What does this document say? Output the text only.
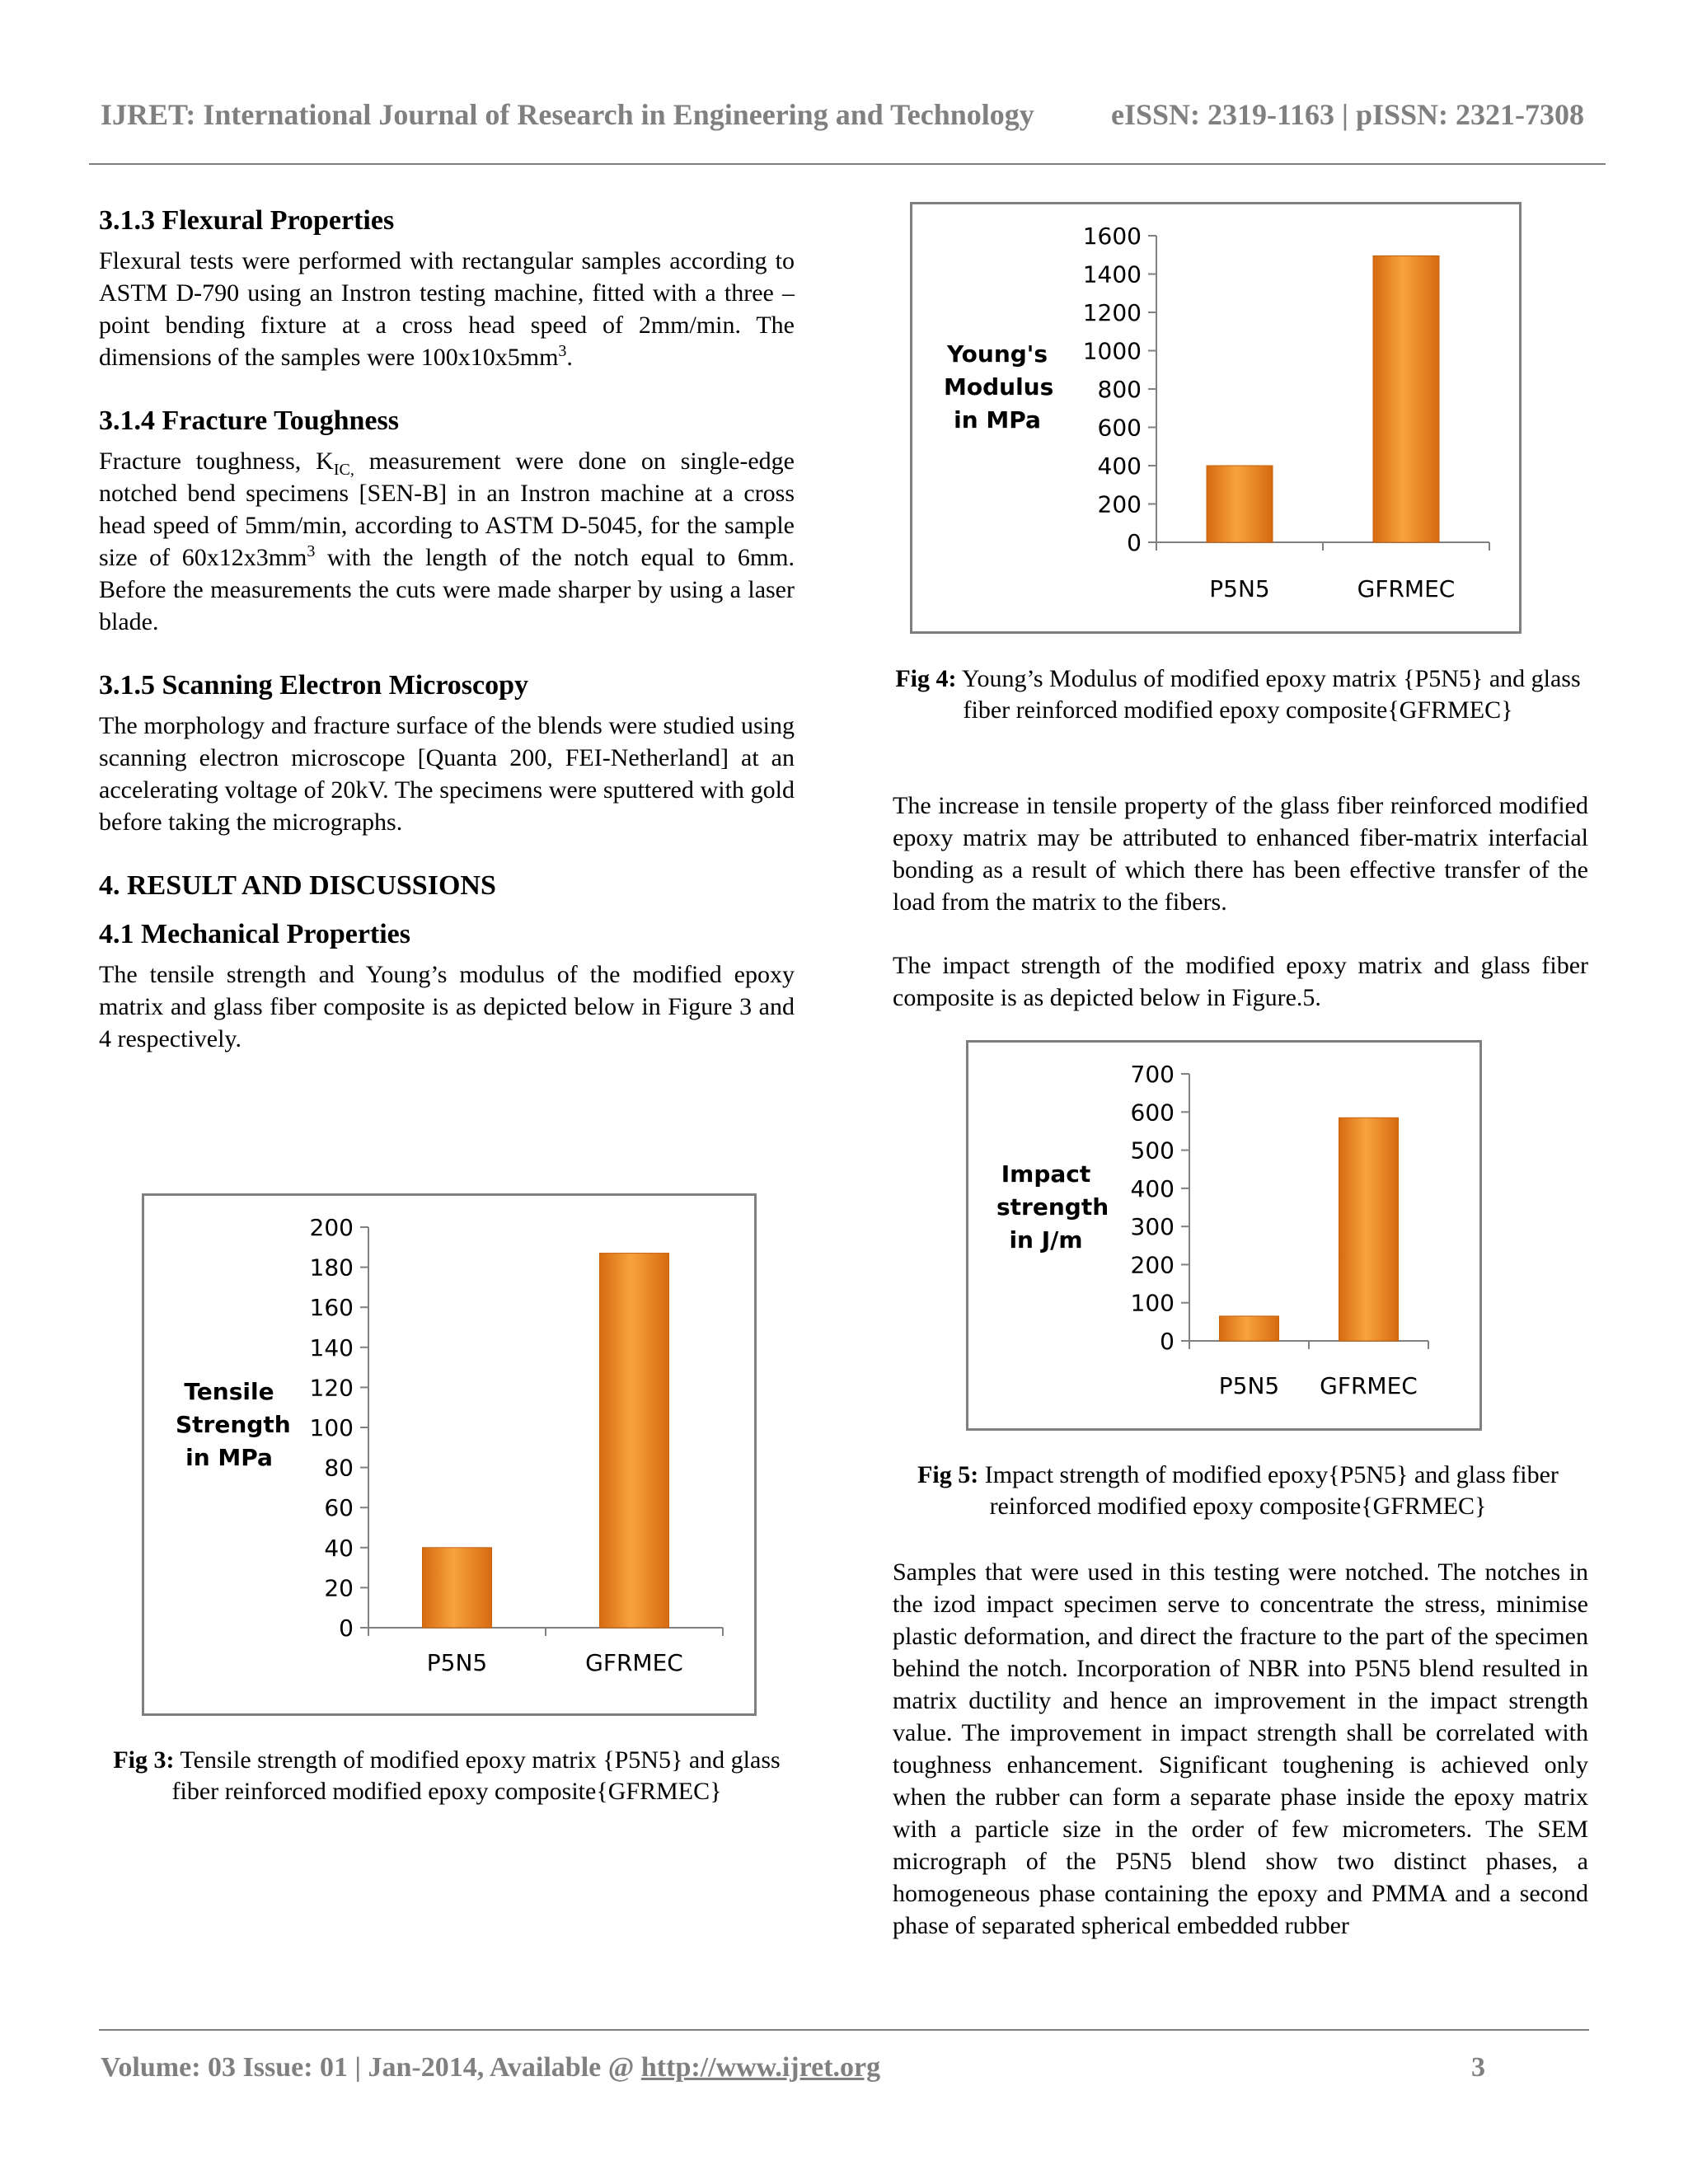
IJRET: International Journal of Research in Engineering and Technology	eISSN: 2319-1163 | pISSN: 2321-7308
3.1.3 Flexural Properties

Flexural tests were performed with rectangular samples according to ASTM D-790 using an Instron testing machine, fitted with a three –point bending fixture at a cross head speed of 2mm/min. The dimensions of the samples were $100x10x5mm^3$.

3.1.4 Fracture Toughness

Fracture toughness, $K_{IC,}$ measurement were done on single-edge notched bend specimens [SEN-B] in an Instron machine at a cross head speed of 5mm/min, according to ASTM D-5045, for the sample size of $60x12x3mm^3$ with the length of the notch equal to 6mm. Before the measurements the cuts were made sharper by using a laser blade.

3.1.5 Scanning Electron Microscopy

The morphology and fracture surface of the blends were studied using scanning electron microscope [Quanta 200, FEI-Netherland] at an accelerating voltage of 20kV. The specimens were sputtered with gold before taking the micrographs.

4. RESULT AND DISCUSSIONS
4.1 Mechanical Properties

The tensile strength and Young’s modulus of the modified epoxy matrix and glass fiber composite is as depicted below in Figure 3 and 4 respectively.

0
20
40
60
80
100
120
140
160
180
200
P5N5	GFRMEC
Tensile Strength in MPa
Fig 3: Tensile strength of modified epoxy matrix {P5N5} and glass fiber reinforced modified epoxy composite{GFRMEC}
0
200
400
600
800
1000
1200
1400
1600
P5N5	GFRMEC
Young's Modulus in MPa
Fig 4: Young’s Modulus of modified epoxy matrix {P5N5} and glass fiber reinforced modified epoxy composite{GFRMEC}

The increase in tensile property of the glass fiber reinforced modified epoxy matrix may be attributed to enhanced fiber-matrix interfacial bonding as a result of which there has been effective transfer of the load from the matrix to the fibers.

The impact strength of the modified epoxy matrix and glass fiber composite is as depicted below in Figure.5.

0
100
200
300
400
500
600
700
P5N5 GFRMEC
Impact strength in J/m
Fig 5: Impact strength of modified epoxy{P5N5} and glass fiber reinforced modified epoxy composite{GFRMEC}

Samples that were used in this testing were notched. The notches in the izod impact specimen serve to concentrate the stress, minimise plastic deformation, and direct the fracture to the part of the specimen behind the notch. Incorporation of NBR into P5N5 blend resulted in matrix ductility and hence an improvement in the impact strength value. The improvement in impact strength shall be correlated with toughness enhancement. Significant toughening is achieved only when the rubber can form a separate phase inside the epoxy matrix with a particle size in the order of few micrometers. The SEM micrograph of the P5N5 blend show two distinct phases, a homogeneous phase containing the epoxy and PMMA and a second phase of separated spherical embedded rubber

Volume: 03 Issue: 01 | Jan-2014, Available @ http://www.ijret.org	3
